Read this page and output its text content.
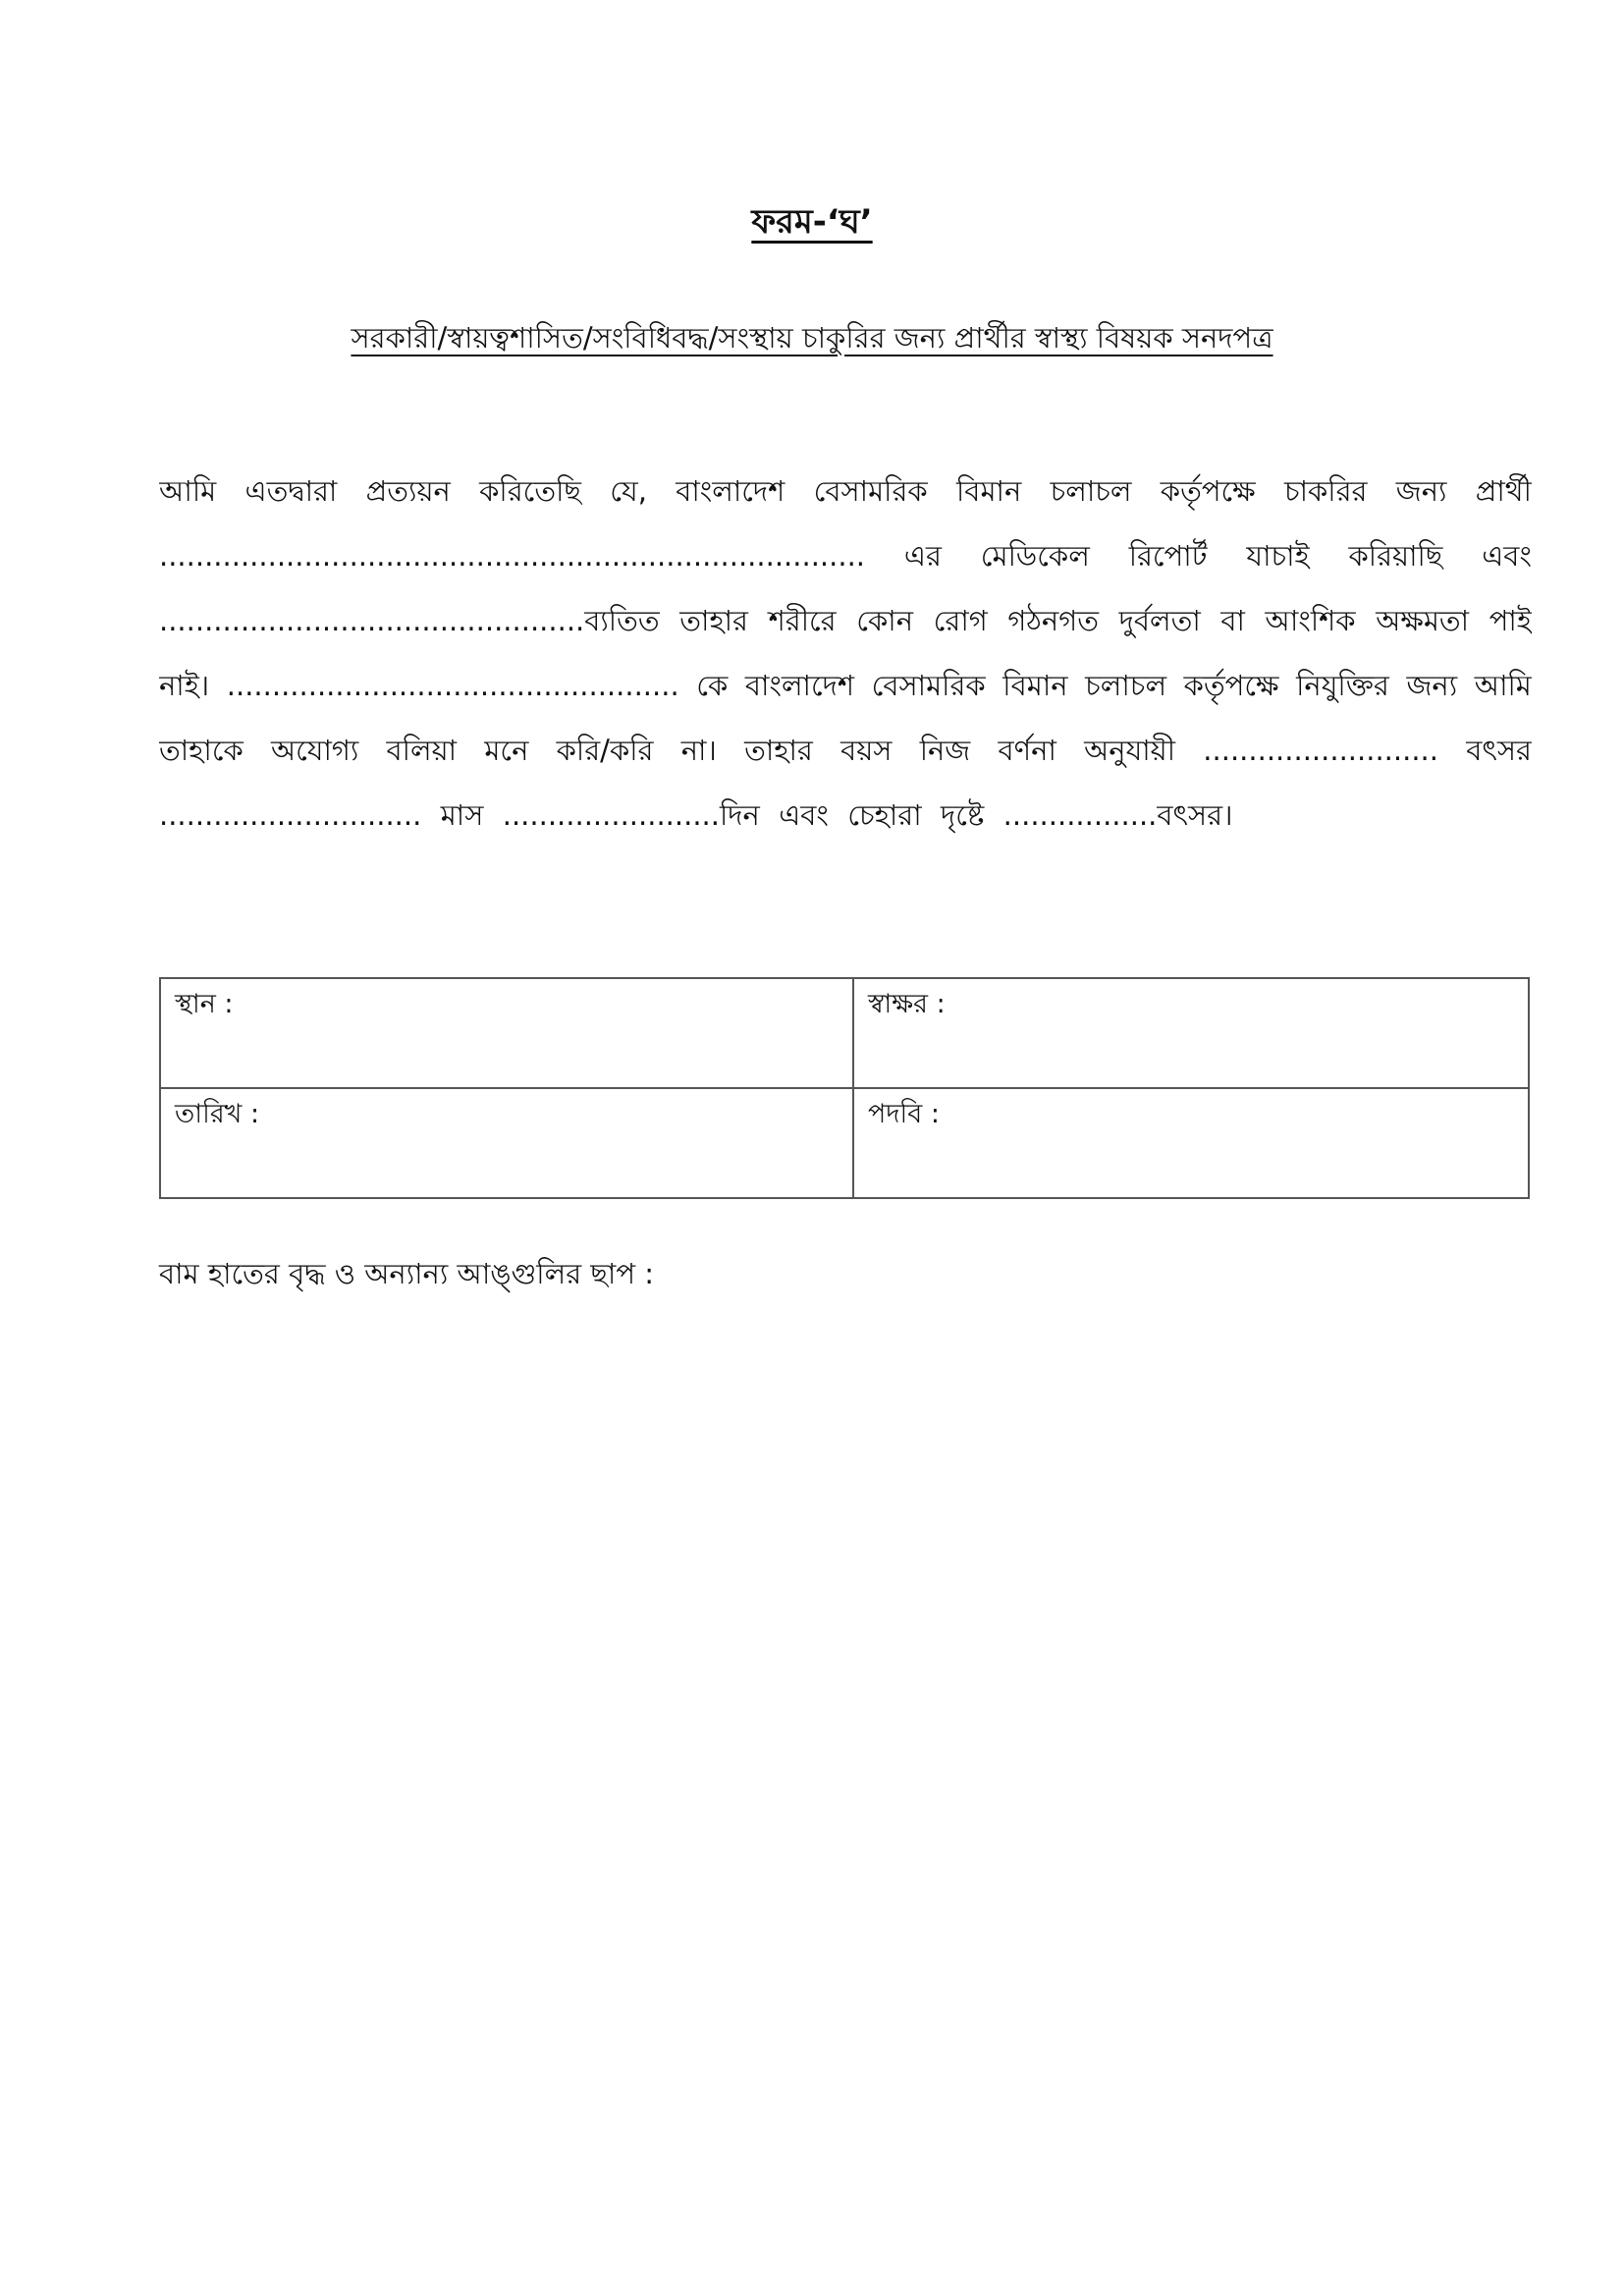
ফরম-‘ঘ’
সরকারী/স্বায়ত্বশাসিত/সংবিধিবদ্ধ/সংস্থায় চাকুরির জন্য প্রার্থীর স্বাস্থ্য বিষয়ক সনদপত্র
আমি এতদ্বারা প্রত্যয়ন করিতেছি যে, বাংলাদেশ বেসামরিক বিমান চলাচল কর্তৃপক্ষে চাকরির জন্য প্রার্থী
.............................................................................. এর মেডিকেল রিপোর্ট যাচাই করিয়াছি এবং
...............................................ব্যতিত তাহার শরীরে কোন রোগ গঠনগত দুর্বলতা বা আংশিক অক্ষমতা পাই
নাই। .................................................. কে বাংলাদেশ বেসামরিক বিমান চলাচল কর্তৃপক্ষে নিযুক্তির জন্য আমি
তাহাকে অযোগ্য বলিয়া মনে করি/করি না। তাহার বয়স নিজ বর্ণনা অনুযায়ী .......................... বৎসর
............................. মাস ........................দিন এবং চেহারা দৃষ্টে .................বৎসর।
স্থান :	স্বাক্ষর :
তারিখ :	পদবি :
বাম হাতের বৃদ্ধ ও অন্যান্য আঙ্গুলির ছাপ :
